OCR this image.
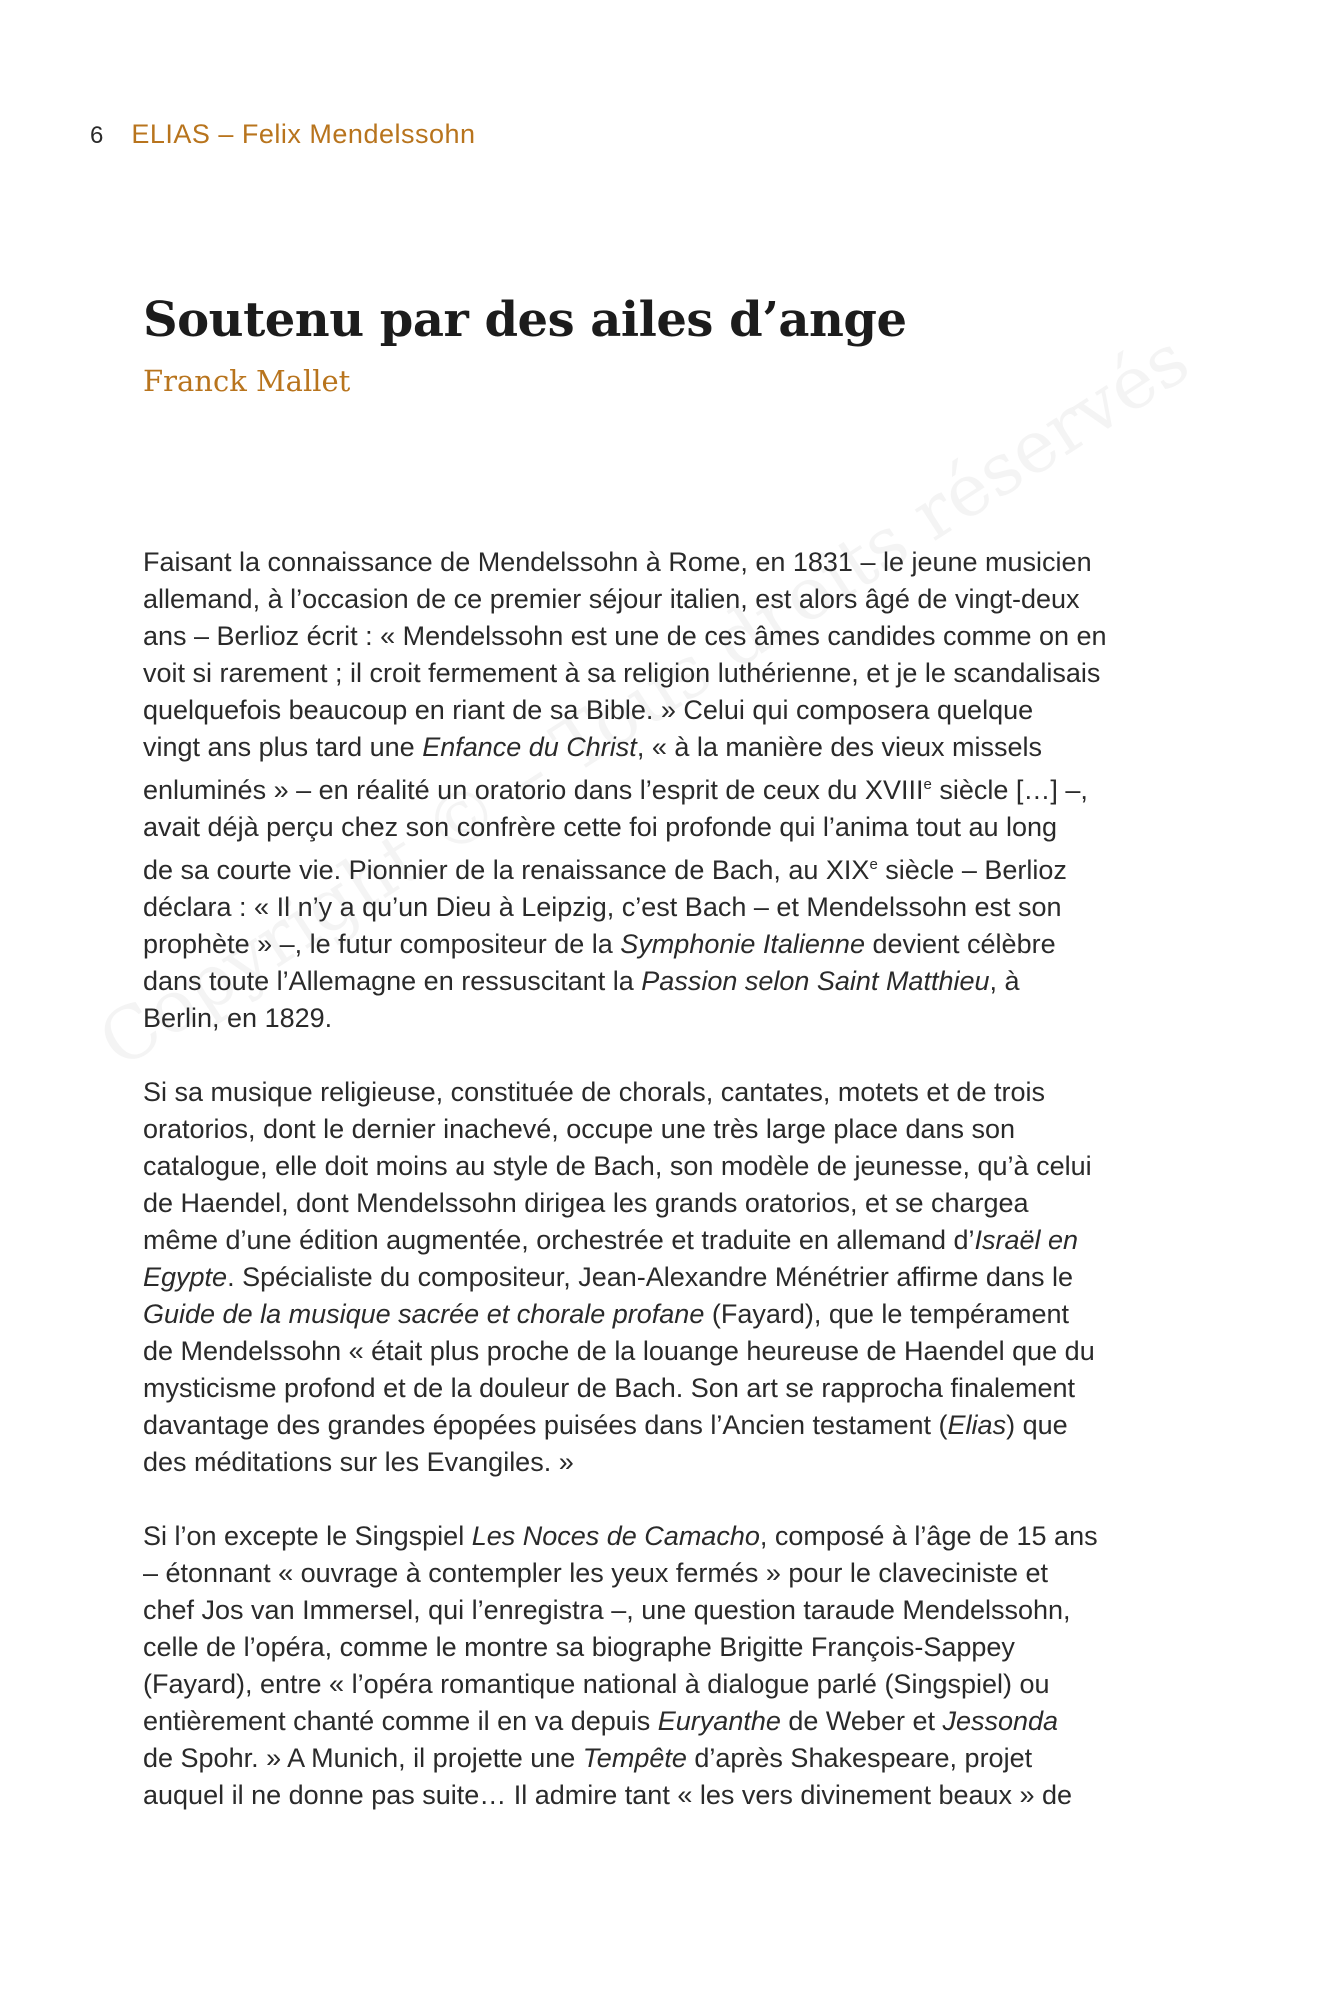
6 ELIAS – Felix Mendelssohn
Soutenu par des ailes d’ange
Franck Mallet

Faisant la connaissance de Mendelssohn à Rome, en 1831 – le jeune musicien
allemand, à l’occasion de ce premier séjour italien, est alors âgé de vingt-deux
ans – Berlioz écrit : « Mendelssohn est une de ces âmes candides comme on en
voit si rarement ; il croit fermement à sa religion luthérienne, et je le scandalisais
quelquefois beaucoup en riant de sa Bible. » Celui qui composera quelque
vingt ans plus tard une Enfance du Christ, « à la manière des vieux missels
enluminés » – en réalité un oratorio dans l’esprit de ceux du XVIIIe siècle […] –,
avait déjà perçu chez son confrère cette foi profonde qui l’anima tout au long
de sa courte vie. Pionnier de la renaissance de Bach, au XIXe siècle – Berlioz
déclara : « Il n’y a qu’un Dieu à Leipzig, c’est Bach – et Mendelssohn est son
prophète » –, le futur compositeur de la Symphonie Italienne devient célèbre
dans toute l’Allemagne en ressuscitant la Passion selon Saint Matthieu, à
Berlin, en 1829.

Si sa musique religieuse, constituée de chorals, cantates, motets et de trois
oratorios, dont le dernier inachevé, occupe une très large place dans son
catalogue, elle doit moins au style de Bach, son modèle de jeunesse, qu’à celui
de Haendel, dont Mendelssohn dirigea les grands oratorios, et se chargea
même d’une édition augmentée, orchestrée et traduite en allemand d’Israël en
Egypte. Spécialiste du compositeur, Jean-Alexandre Ménétrier affirme dans le
Guide de la musique sacrée et chorale profane (Fayard), que le tempérament
de Mendelssohn « était plus proche de la louange heureuse de Haendel que du
mysticisme profond et de la douleur de Bach. Son art se rapprocha finalement
davantage des grandes épopées puisées dans l’Ancien testament (Elias) que
des méditations sur les Evangiles. »

Si l’on excepte le Singspiel Les Noces de Camacho, composé à l’âge de 15 ans
– étonnant « ouvrage à contempler les yeux fermés » pour le claveciniste et
chef Jos van Immersel, qui l’enregistra –, une question taraude Mendelssohn,
celle de l’opéra, comme le montre sa biographe Brigitte François-Sappey
(Fayard), entre « l’opéra romantique national à dialogue parlé (Singspiel) ou
entièrement chanté comme il en va depuis Euryanthe de Weber et Jessonda
de Spohr. » A Munich, il projette une Tempête d’après Shakespeare, projet
auquel il ne donne pas suite… Il admire tant « les vers divinement beaux » de
